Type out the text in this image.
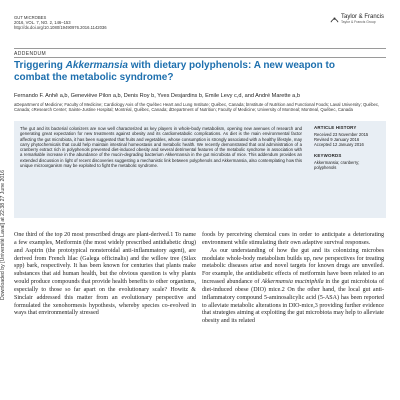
Downloaded by [Université Laval] at 22:38 27 June 2016
GUT MICROBES
2016, VOL. 7, NO. 2, 146–153
http://dx.doi.org/10.1080/19490976.2016.1142036
Taylor & Francis
Taylor & Francis Group
ADDENDUM
Triggering Akkermansia with dietary polyphenols: A new weapon to combat the metabolic syndrome?
Fernando F. Anhê a,b, Geneviève Pilon a,b, Denis Roy b, Yves Desjardins b, Emile Levy c,d, and André Marette a,b
aDepartment of Medicine; Faculty of Medicine; Cardiology Axis of the Québec Heart and Lung Institute; Québec, Canada; bInstitute of Nutrition and Functional Foods; Laval University; Québec, Canada; cResearch Center; Sainte-Justine Hospital; Montréal, Québec, Canada; dDepartment of Nutrition; Faculty of Medicine; University of Montreal; Montreal, Québec, Canada
The gut and its bacterial colonizers are now well characterized as key players in whole-body metabolism, opening new avenues of research and generating great expectation for new treatments against obesity and its cardiometabolic complications. As diet is the main environmental factor affecting the gut microbiota, it has been suggested that fruits and vegetables, whose consumption is strongly associated with a healthy lifestyle, may carry phytochemicals that could help maintain intestinal homeostasis and metabolic health. We recently demonstrated that oral administration of a cranberry extract rich in polyphenols prevented diet-induced obesity and several detrimental features of the metabolic syndrome in association with a remarkable increase in the abundance of the mucin-degrading bacterium Akkermansia in the gut microbiota of mice. This addendum provides an extended discussion in light of recent discoveries suggesting a mechanistic link between polyphenols and Akkermansia, also contemplating how this unique microorganism may be exploited to fight the metabolic syndrome.
ARTICLE HISTORY
Received 23 November 2015
Revised 9 January 2016
Accepted 12 January 2016
KEYWORDS
Akkermansia; cranberry;
polyphenols

One third of the top 20 most prescribed drugs are plant-derived.1 To name a few examples, Metformin (the most widely prescribed antidiabetic drug) and Aspirin (the prototypical nonsteroidal anti-inflammatory agent), are derived from French lilac (Galega officinalis) and the willow tree (Silax spp) bark, respectively. It has been known for centuries that plants make substances that aid human health, but the obvious question is why plants would produce compounds that provide health benefits to other organisms, especially to those so far apart on the evolutionary scale? Howitz & Sinclair addressed this matter from an evolutionary perspective and formulated the xenohormesis hypothesis, whereby species co-evolved in ways that environmentally stressed

foods by perceiving chemical cues in order to anticipate a deteriorating environment while stimulating their own adaptive survival responses.

As our understanding of how the gut and its colonizing microbes modulate whole-body metabolism builds up, new perspectives for treating metabolic diseases arise and novel targets for known drugs are unveiled. For example, the antidiabetic effects of metformin have been related to an increased abundance of Akkermansia muciniphila in the gut microbiota of diet-induced obese (DIO) mice.2 On the other hand, the local gut anti-inflammatory compound 5-aminosalicylic acid (5-ASA) has been reported to alleviate metabolic alterations in DIO-mice,3 providing further evidence that strategies aiming at exploiting the gut microbiota may help to alleviate obesity and its related
